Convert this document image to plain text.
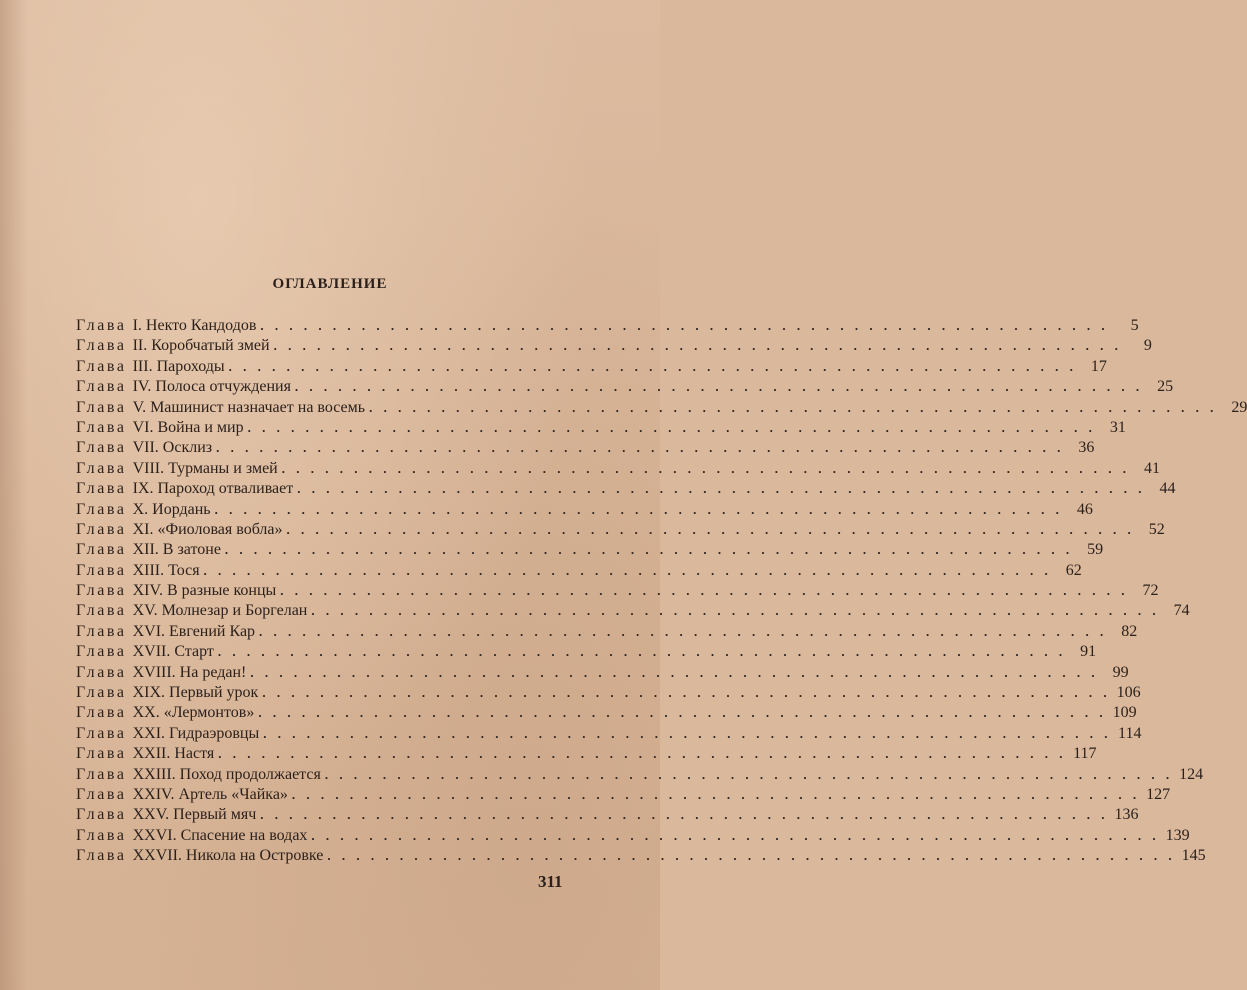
ОГЛАВЛЕНИЕ
Глава I. Некто Кандодов . . .	5
Глава II. Коробчатый змей . . .	9
Глава III. Пароходы . . .	17
Глава IV. Полоса отчуждения . . .	25
Глава V. Машинист назначает на восемь . . .	29
Глава VI. Война и мир . . .	31
Глава VII. Осклиз . . .	36
Глава VIII. Турманы и змей . . .	41
Глава IX. Пароход отваливает . . .	44
Глава X. Иордань . . .	46
Глава XI. «Фиоловая вобла» . . .	52
Глава XII. В затоне . . .	59
Глава XIII. Тося . . .	62
Глава XIV. В разные концы . . .	72
Глава XV. Молнезар и Боргелан . . .	74
Глава XVI. Евгений Кар . . .	82
Глава XVII. Старт . . .	91
Глава XVIII. На редан! . . .	99
Глава XIX. Первый урок . . .	106
Глава XX. «Лермонтов» . . .	109
Глава XXI. Гидраэровцы . . .	114
Глава XXII. Настя . . .	117
Глава XXIII. Поход продолжается . . .	124
Глава XXIV. Артель «Чайка» . . .	127
Глава XXV. Первый мяч . . .	136
Глава XXVI. Спасение на водах . . .	139
Глава XXVII. Никола на Островке . . .	145
311
